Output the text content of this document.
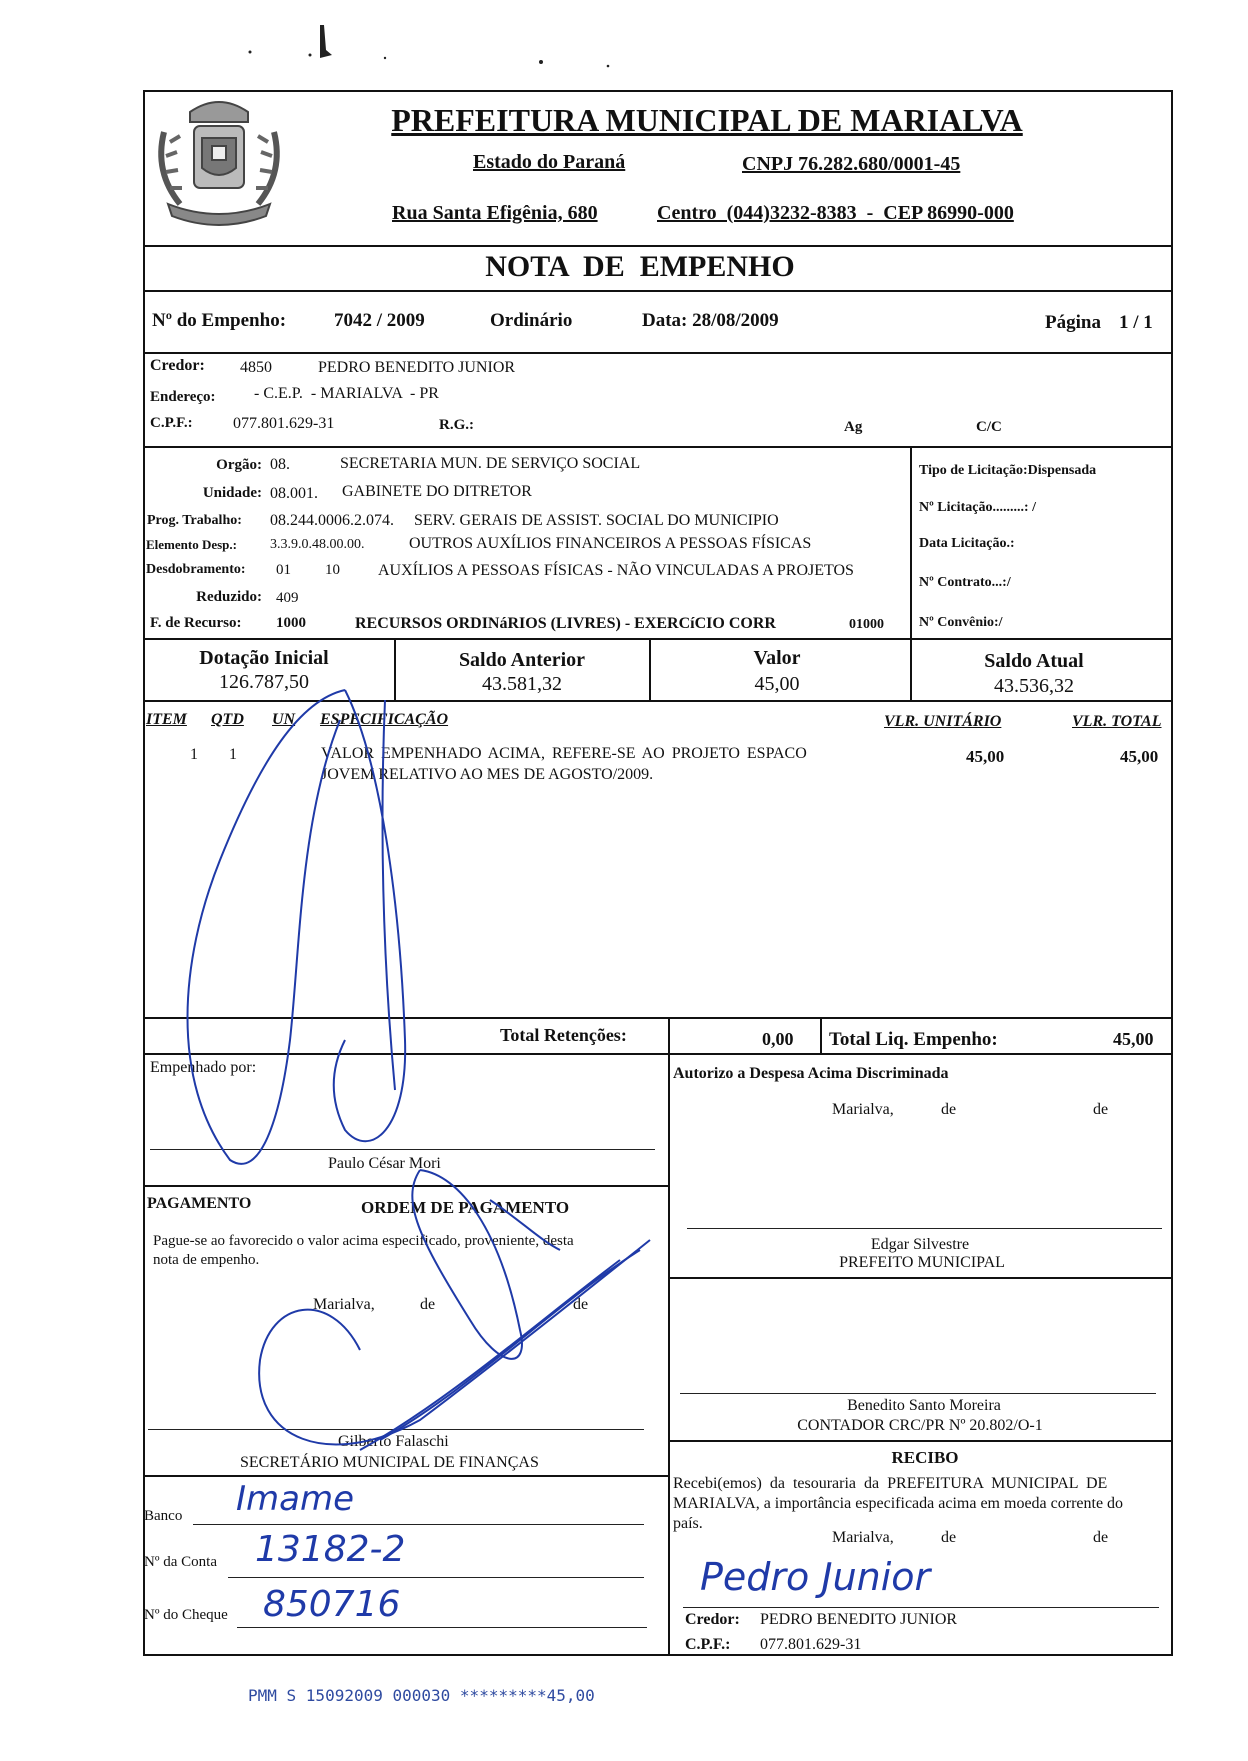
PREFEITURA MUNICIPAL DE MARIALVA
Estado do Paraná	CNPJ 76.282.680/0001-45
Rua Santa Efigênia, 680	Centro  (044)3232-8383  -  CEP 86990-000
NOTA  DE  EMPENHO
Nº do Empenho:	7042 / 2009	Ordinário	Data: 28/08/2009	Página 1 / 1
Credor: 4850	PEDRO BENEDITO JUNIOR
Endereço: - C.E.P.  - MARIALVA  - PR
C.P.F.:	077.801.629-31	R.G.:	Ag	C/C
Orgão: 08.	SECRETARIA MUN. DE SERVIÇO SOCIAL
Unidade: 08.001. GABINETE DO DITRETOR
Prog. Trabalho: 08.244.0006.2.074. SERV. GERAIS DE ASSIST. SOCIAL DO MUNICIPIO
Elemento Desp.: 3.3.9.0.48.00.00.	OUTROS AUXÍLIOS FINANCEIROS A PESSOAS FÍSICAS
Desdobramento: 01 10 AUXÍLIOS A PESSOAS FÍSICAS - NÃO VINCULADAS A PROJETOS
Reduzido: 409
F. de Recurso: 1000	RECURSOS ORDINáRIOS (LIVRES) - EXERCíCIO CORR	01000
Tipo de Licitação:Dispensada
Nº Licitação.........: /
Data Licitação.:
Nº Contrato...:/
Nº Convênio:/
Dotação Inicial
126.787,50
Saldo Anterior
43.581,32
Valor
45,00
Saldo Atual
43.536,32
ITEM QTD UN ESPECIFICAÇÃO	VLR. UNITÁRIO	VLR. TOTAL
1 1	VALOR EMPENHADO ACIMA, REFERE-SE AO PROJETO ESPACO
JOVEM RELATIVO AO MES DE AGOSTO/2009.
45,00	45,00
Total Retenções:	0,00 Total Liq. Empenho:	45,00
Empenhado por:
Paulo César Mori
Autorizo a Despesa Acima Discriminada
Marialva,	de	de
Edgar Silvestre
PREFEITO MUNICIPAL
PAGAMENTO	ORDEM DE PAGAMENTO
Pague-se ao favorecido o valor acima especificado, proveniente, desta
nota de empenho.
Marialva,	de	de
Gilberto Falaschi
SECRETÁRIO MUNICIPAL DE FINANÇAS
Benedito Santo Moreira
CONTADOR CRC/PR Nº 20.802/O-1
RECIBO
Recebi(emos)  da  tesouraria  da  PREFEITURA  MUNICIPAL  DE
MARIALVA, a importância especificada acima em moeda corrente do
país.
Marialva,	de	de
Credor: PEDRO BENEDITO JUNIOR
C.P.F.: 077.801.629-31
Banco Imame
Nº da Conta 13182-2
Nº do Cheque 850716
Pedro Junior
PMM S 15092009 000030 *********45,00
